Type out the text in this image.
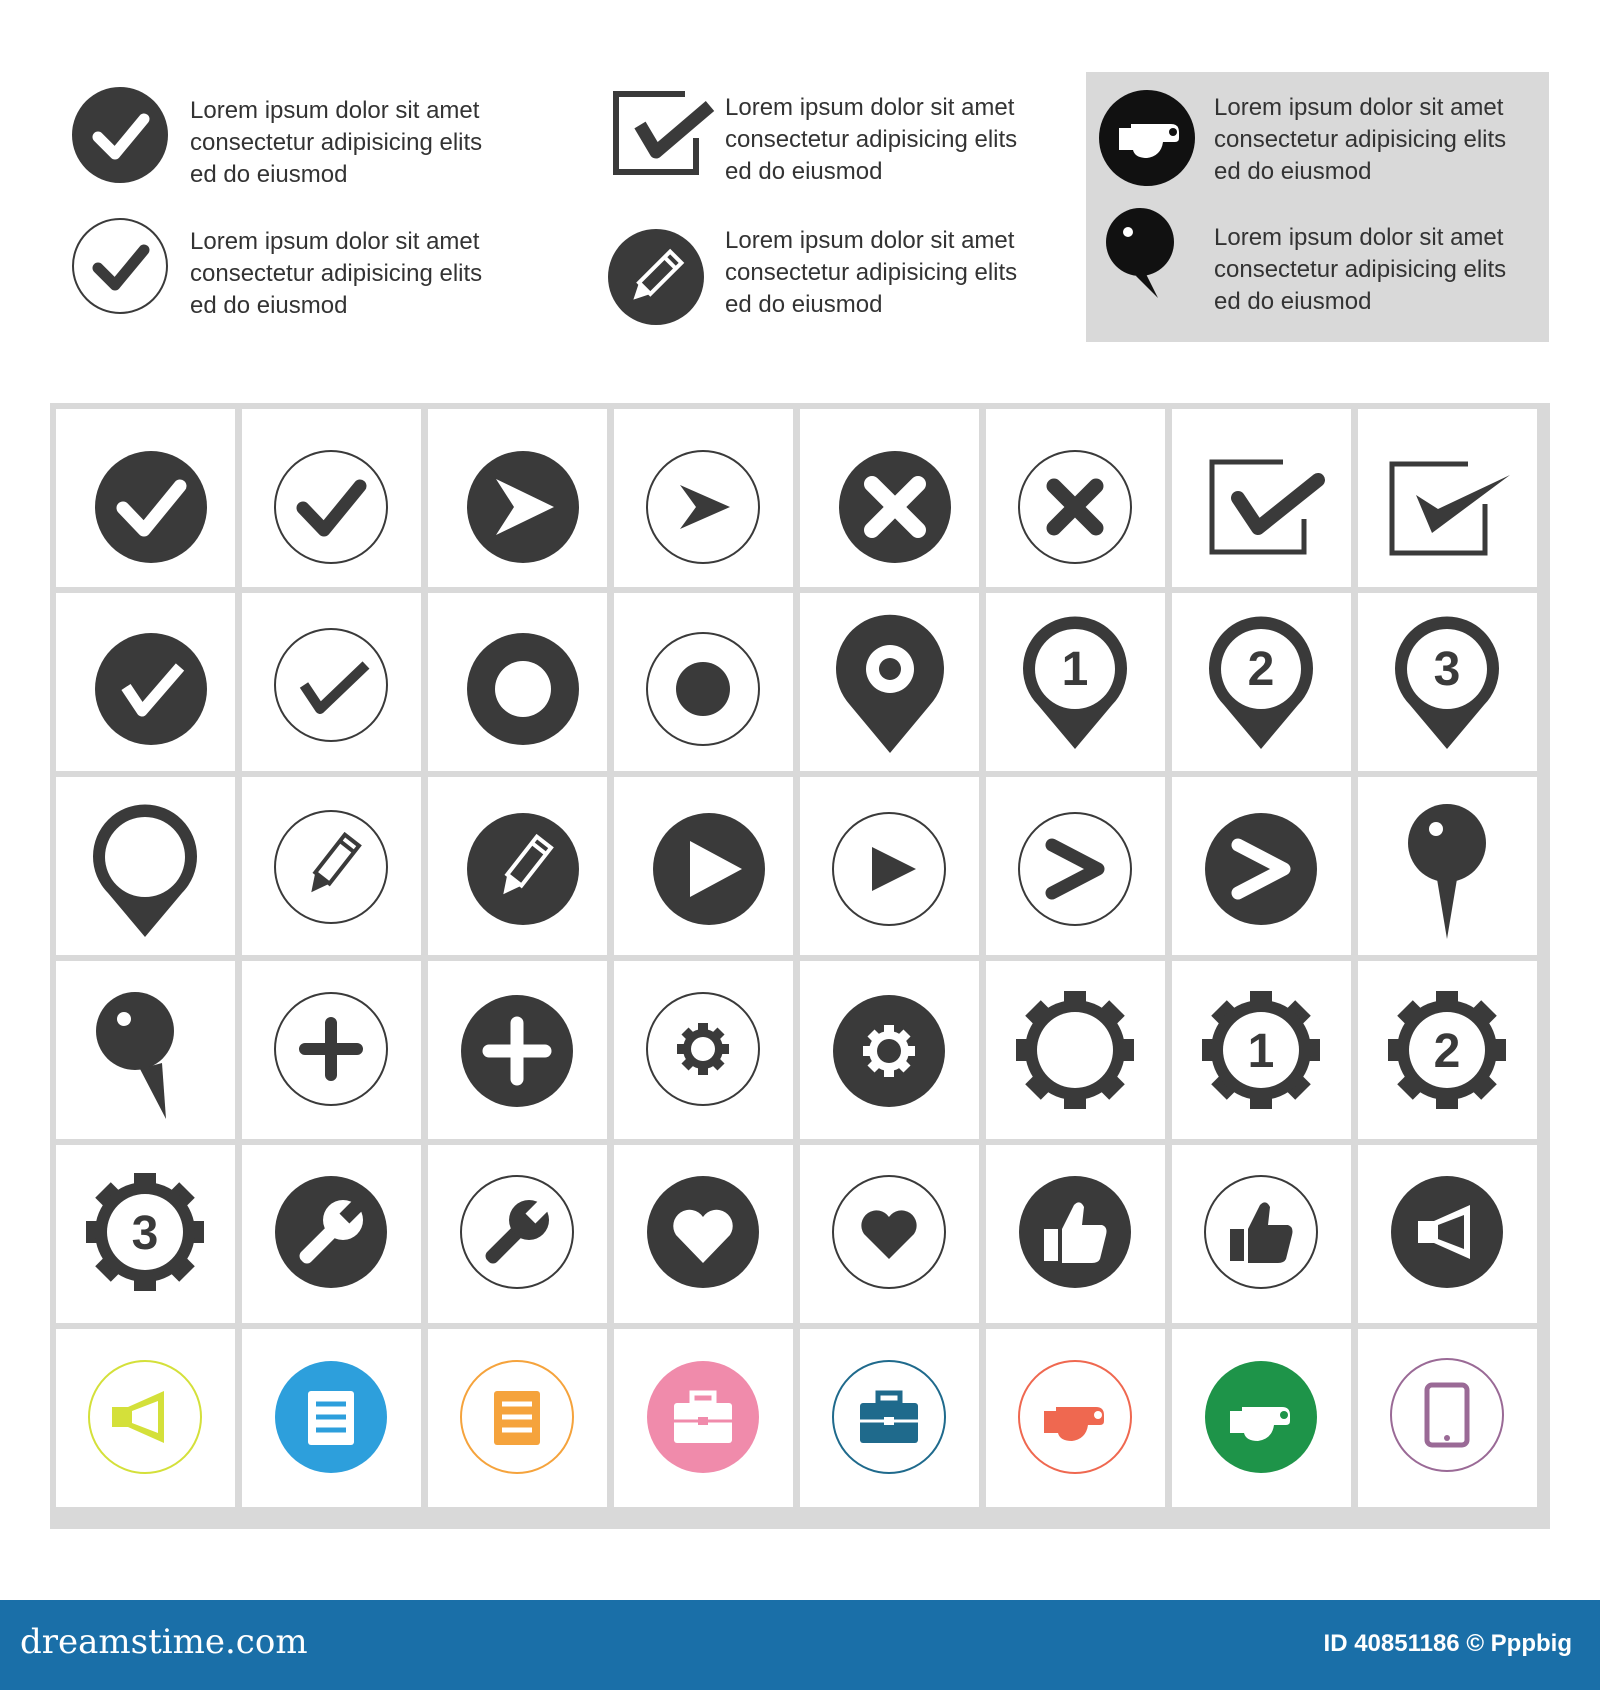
Lorem ipsum dolor sit amet
consectetur adipisicing elits
ed do eiusmod
Lorem ipsum dolor sit amet
consectetur adipisicing elits
ed do eiusmod
Lorem ipsum dolor sit amet
consectetur adipisicing elits
ed do eiusmod
Lorem ipsum dolor sit amet
consectetur adipisicing elits
ed do eiusmod
Lorem ipsum dolor sit amet
consectetur adipisicing elits
ed do eiusmod
Lorem ipsum dolor sit amet
consectetur adipisicing elits
ed do eiusmod
1	2	3
1	2
3
dreamstime.com	ID 40851186 © Pppbig
